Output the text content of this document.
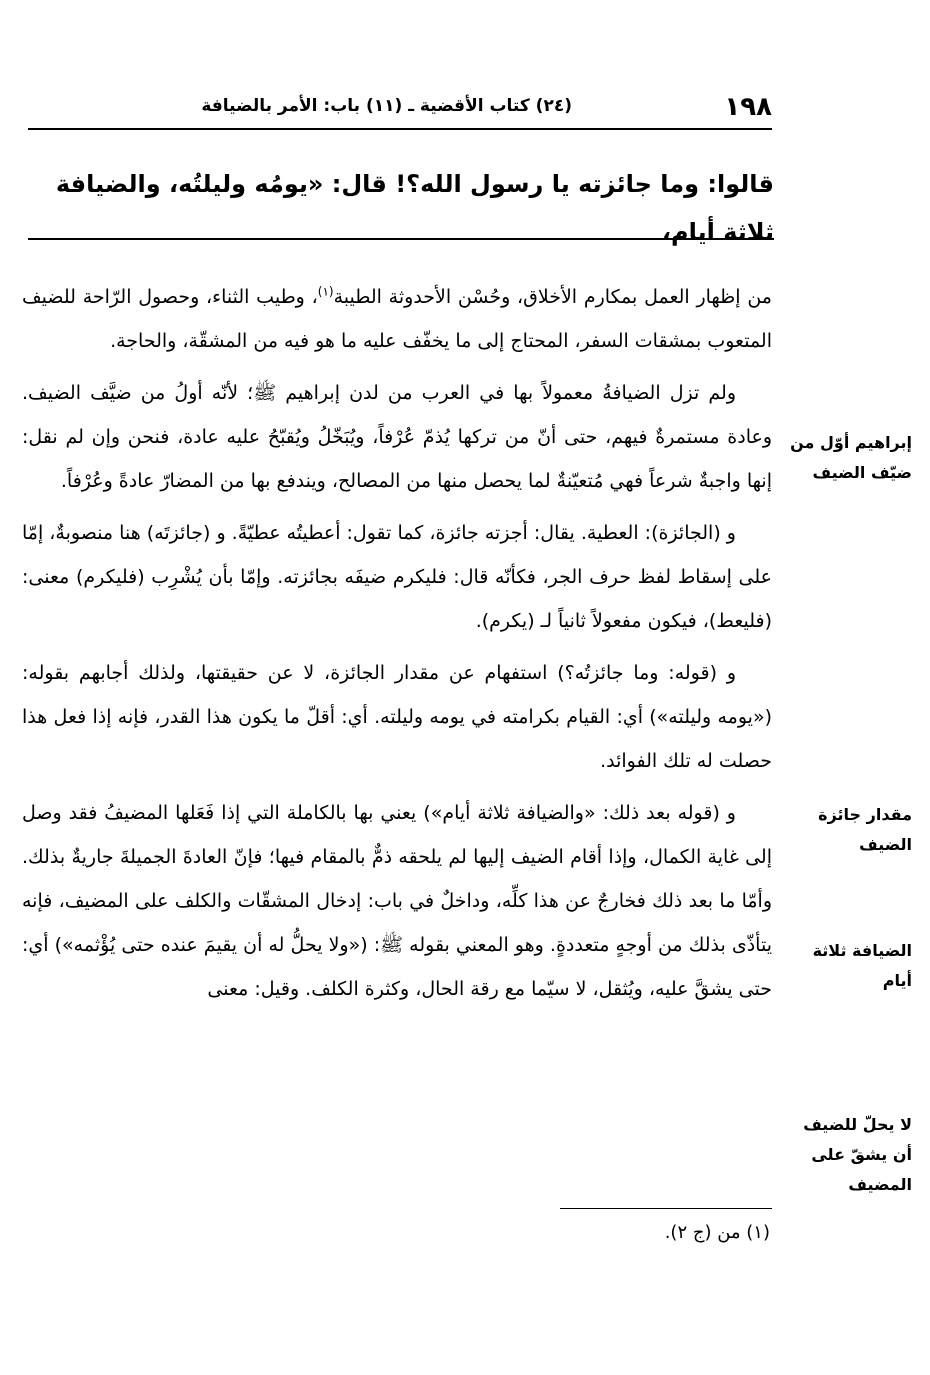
١٩٨
(٢٤) كتاب الأقضية ـ (١١) باب: الأمر بالضيافة
قالوا: وما جائزته يا رسول الله؟! قال: «يومُه وليلتُه، والضيافة ثلاثة أيام،

من إظهار العمل بمكارم الأخلاق، وحُسْن الأحدوثة الطيبة$^{(١)}$، وطيب الثناء، وحصول الرّاحة للضيف المتعوب بمشقات السفر، المحتاج إلى ما يخفّف عليه ما هو فيه من المشقّة، والحاجة.

ولم تزل الضيافةُ معمولاً بها في العرب من لدن إبراهيم ﷺ؛ لأنّه أولُ من ضيَّف الضيف. وعادة مستمرةٌ فيهم، حتى أنّ من تركها يُذمّ عُرْفاً، ويُبَخّلُ ويُقبّحُ عليه عادة، فنحن وإن لم نقل: إنها واجبةٌ شرعاً فهي مُتعيّنةٌ لما يحصل منها من المصالح، ويندفع بها من المضارّ عادةً وعُرْفاً.

و (الجائزة): العطية. يقال: أجزته جائزة، كما تقول: أعطيتُه عطيّةً. و (جائزتَه) هنا منصوبةٌ، إمّا على إسقاط لفظ حرف الجر، فكأنّه قال: فليكرم ضيفَه بجائزته. وإمّا بأن يُشْرِب (فليكرم) معنى: (فليعط)، فيكون مفعولاً ثانياً لـ (يكرم).

و (قوله: وما جائزتُه؟) استفهام عن مقدار الجائزة، لا عن حقيقتها، ولذلك أجابهم بقوله: («يومه وليلته») أي: القيام بكرامته في يومه وليلته. أي: أقلّ ما يكون هذا القدر، فإنه إذا فعل هذا حصلت له تلك الفوائد.

و (قوله بعد ذلك: «والضيافة ثلاثة أيام») يعني بها بالكاملة التي إذا فَعَلها المضيفُ فقد وصل إلى غاية الكمال، وإذا أقام الضيف إليها لم يلحقه ذمٌّ بالمقام فيها؛ فإنّ العادةَ الجميلةَ جاريةٌ بذلك. وأمّا ما بعد ذلك فخارجٌ عن هذا كلِّه، وداخلٌ في باب: إدخال المشقّات والكلف على المضيف، فإنه يتأذّى بذلك من أوجهٍ متعددةٍ. وهو المعني بقوله ﷺ: («ولا يحلُّ له أن يقيمَ عنده حتى يُؤْثمه») أي: حتى يشقَّ عليه، ويُثقل، لا سيّما مع رقة الحال، وكثرة الكلف. وقيل: معنى

إبراهيم أوّل من ضيّف الضيف
مقدار جائزة الضيف
الضيافة ثلاثة أيام
لا يحلّ للضيف أن يشقّ على المضيف
(١) من (ج ٢).
